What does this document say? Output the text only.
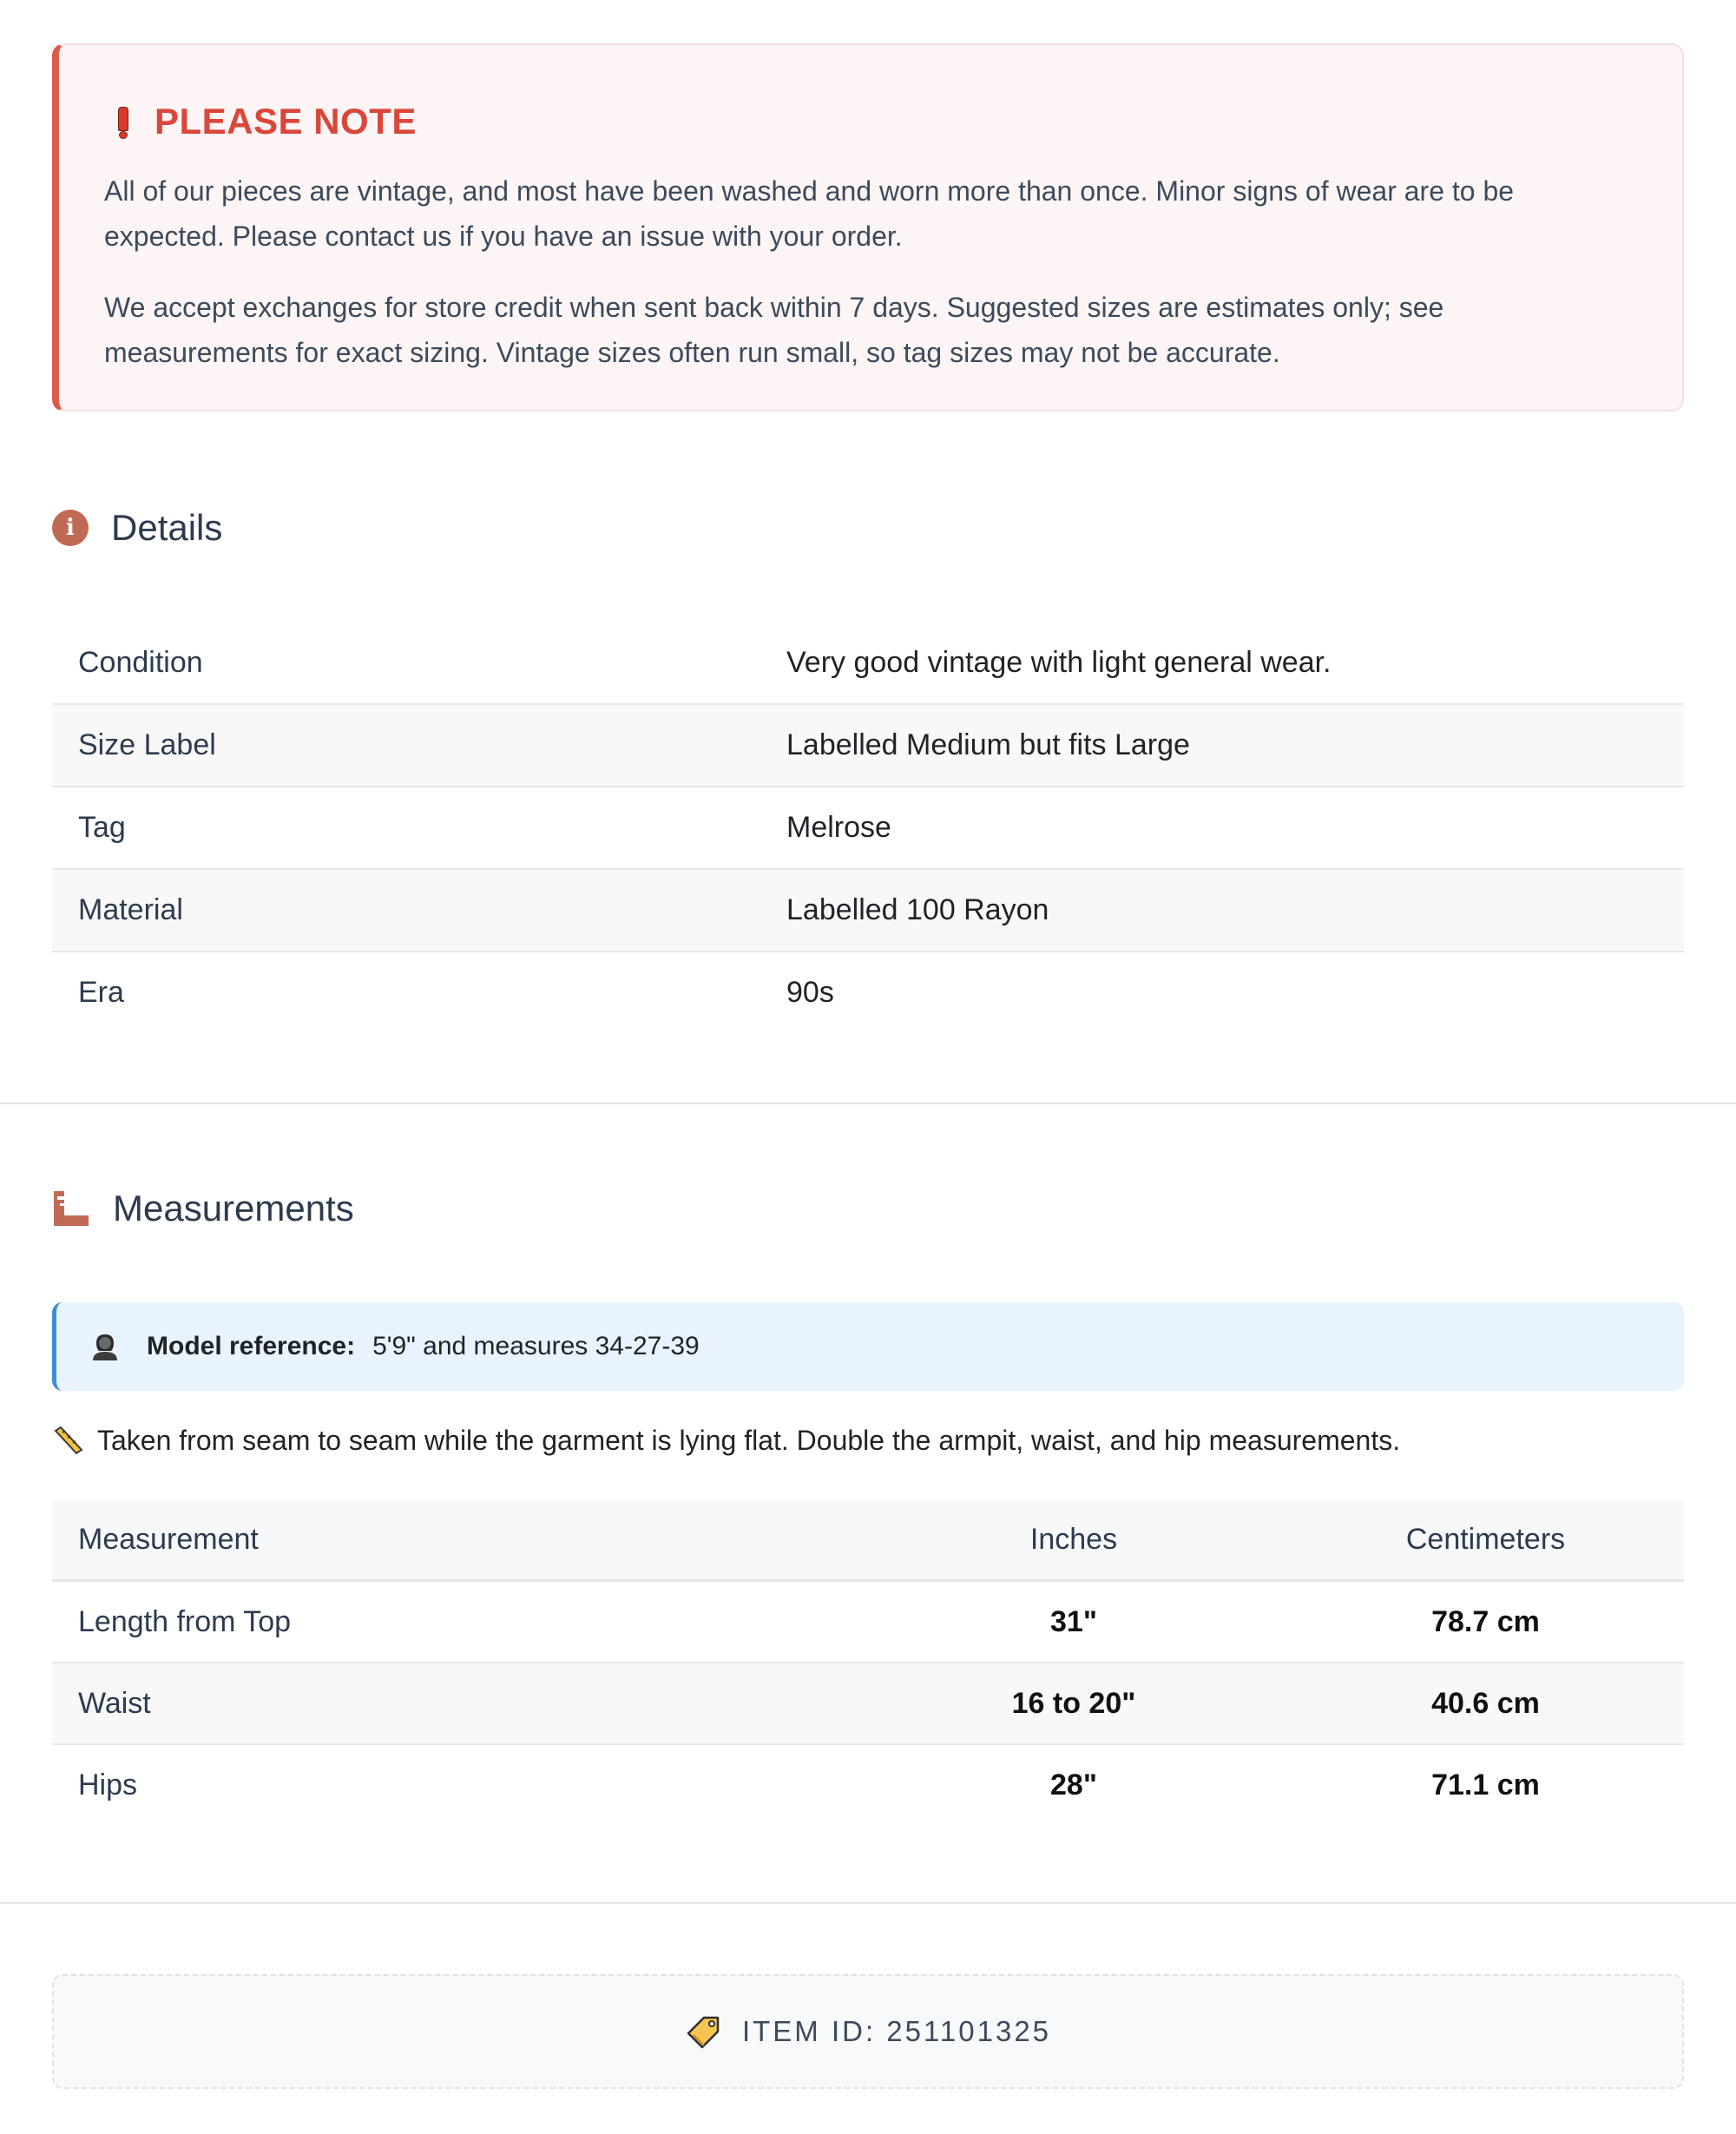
PLEASE NOTE

All of our pieces are vintage, and most have been washed and worn more than once. Minor signs of wear are to be expected. Please contact us if you have an issue with your order.

We accept exchanges for store credit when sent back within 7 days. Suggested sizes are estimates only; see measurements for exact sizing. Vintage sizes often run small, so tag sizes may not be accurate.

i	Details
Condition	Very good vintage with light general wear.
Size Label	Labelled Medium but fits Large
Tag	Melrose
Material	Labelled 100 Rayon
Era	90s
Measurements
Model reference: 5'9" and measures 34-27-39
Taken from seam to seam while the garment is lying flat. Double the armpit, waist, and hip measurements.
Measurement	Inches	Centimeters
Length from Top	31"	78.7 cm
Waist	16 to 20"	40.6 cm
Hips	28"	71.1 cm
ITEM ID: 251101325
